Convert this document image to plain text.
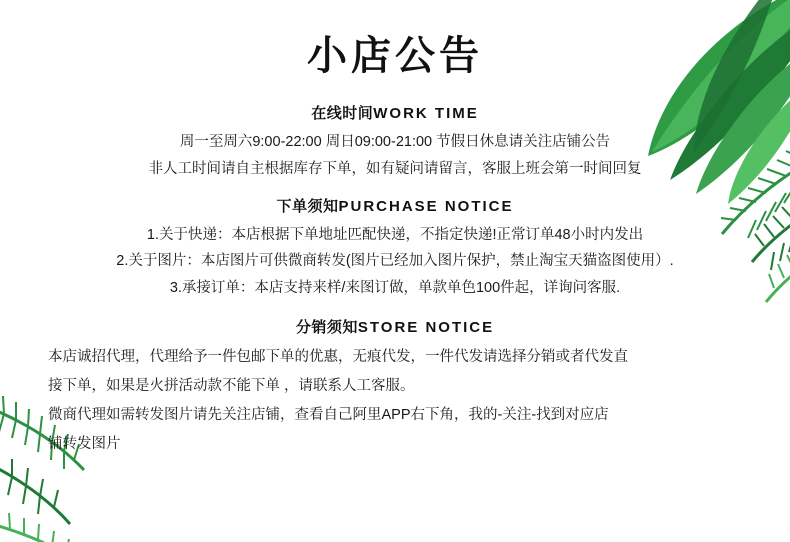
小店公告
在线时间WORK TIME
周一至周六9:00-22:00 周日09:00-21:00 节假日休息请关注店铺公告
非人工时间请自主根据库存下单，如有疑问请留言，客服上班会第一时间回复
下单须知PURCHASE NOTICE
1.关于快递：本店根据下单地址匹配快递，不指定快递!正常订单48小时内发出
2.关于图片：本店图片可供微商转发(图片已经加入图片保护，禁止淘宝天猫盗图使用）.
3.承接订单：本店支持来样/来图订做，单款单色100件起，详询问客服.
分销须知STORE NOTICE
本店诚招代理，代理给予一件包邮下单的优惠，无痕代发，一件代发请选择分销或者代发直
接下单，如果是火拼活动款不能下单 ，请联系人工客服。
微商代理如需转发图片请先关注店铺，查看自己阿里APP右下角，我的-关注-找到对应店
铺转发图片
